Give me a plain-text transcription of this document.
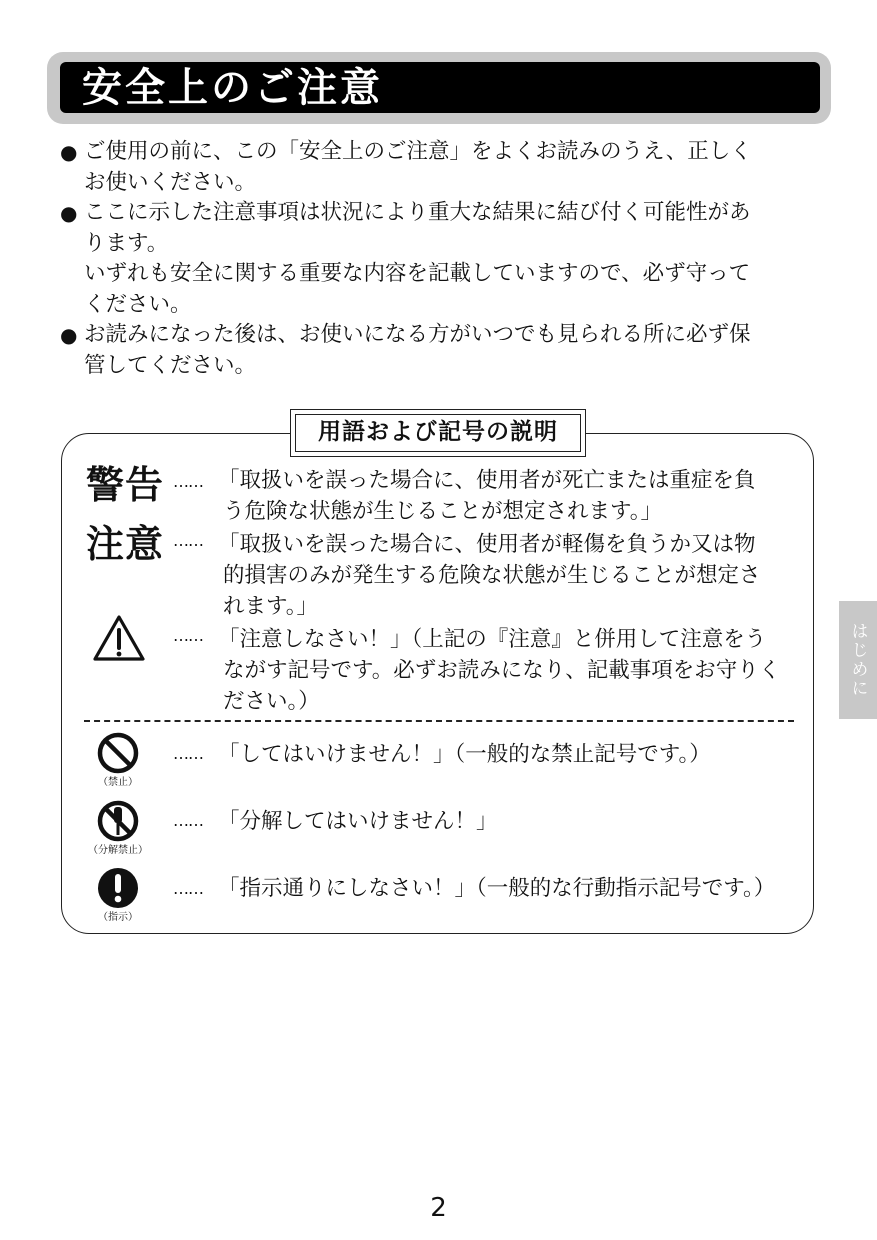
安全上のご注意
● ご使用の前に、この「安全上のご注意」をよくお読みのうえ、正しく

お使いください。

● ここに示した注意事項は状況により重大な結果に結び付く可能性があ

ります。

いずれも安全に関する重要な内容を記載していますので、必ず守って

ください。

● お読みになった後は、お使いになる方がいつでも見られる所に必ず保

管してください。

用語および記号の説明
警告 …… 「取扱いを誤った場合に、使用者が死亡または重症を負

う危険な状態が生じることが想定されます。」

注意 …… 「取扱いを誤った場合に、使用者が軽傷を負うか又は物

的損害のみが発生する危険な状態が生じることが想定さ

れます。」

…… 「注意しなさい！」（上記の『注意』と併用して注意をう

ながす記号です。必ずお読みになり、記載事項をお守りく

ださい。）

（禁止）
…… 「してはいけません！」（一般的な禁止記号です。）
（分解禁止）
…… 「分解してはいけません！」
（指示）
…… 「指示通りにしなさい！」（一般的な行動指示記号です。）
はじめに
2
